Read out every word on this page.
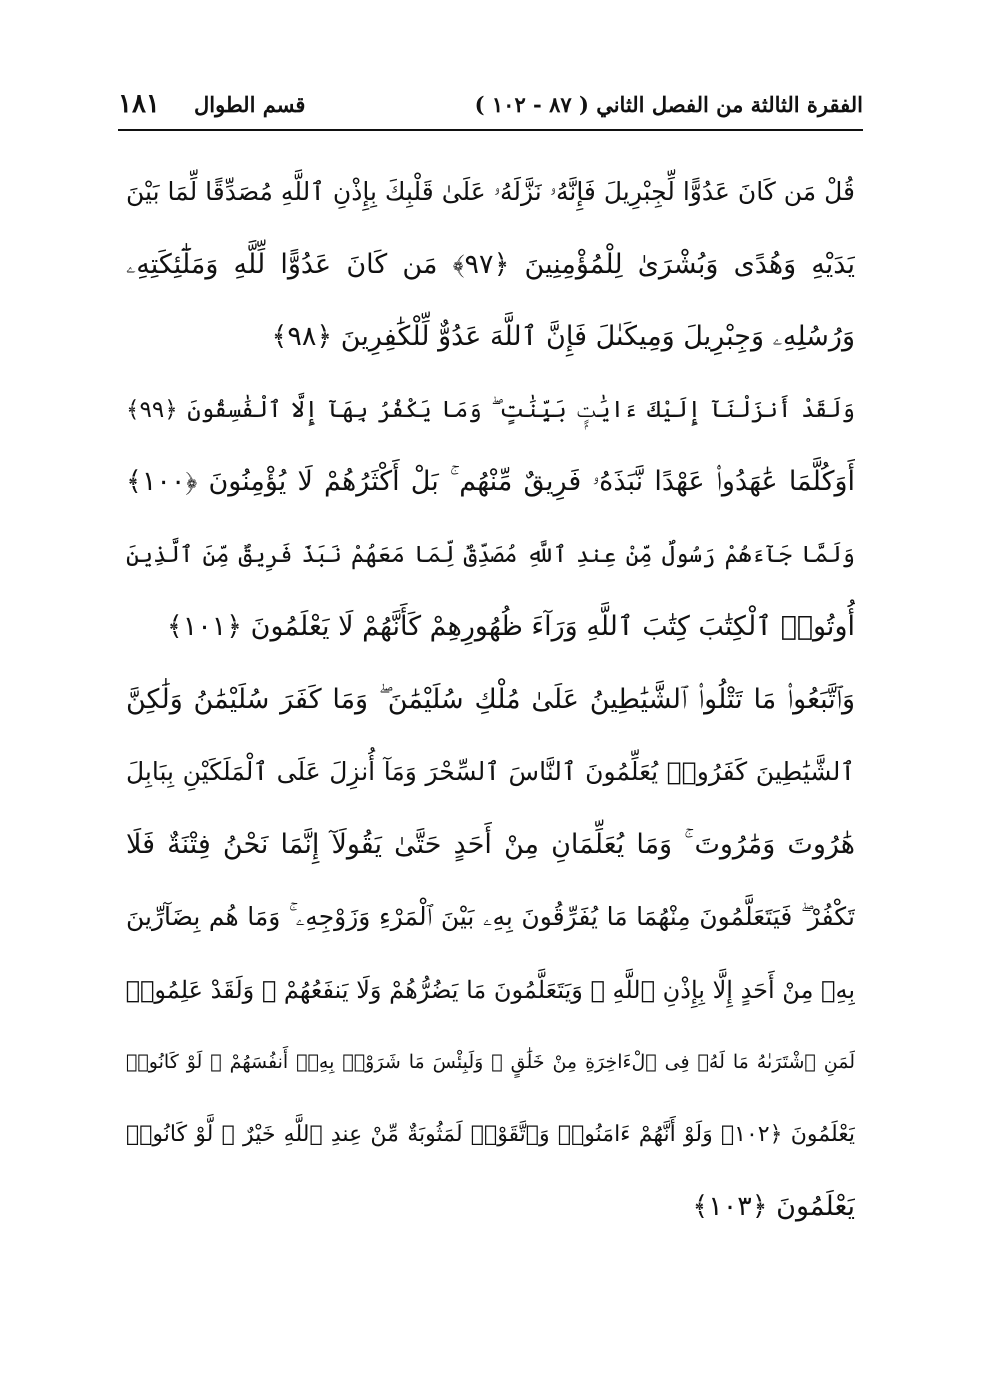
الفقرة الثالثة من الفصل الثاني ( ٨٧ - ١٠٢ )
قسم الطوال
١٨١
قُلْ مَن كَانَ عَدُوًّا لِّجِبْرِيلَ فَإِنَّهُۥ نَزَّلَهُۥ عَلَىٰ قَلْبِكَ بِإِذْنِ ٱللَّهِ مُصَدِّقًا لِّمَا بَيْنَ
يَدَيْهِ وَهُدًى وَبُشْرَىٰ لِلْمُؤْمِنِينَ ﴿٩٧﴾ مَن كَانَ عَدُوًّا لِّلَّهِ وَمَلَٰٓئِكَتِهِۦ
وَرُسُلِهِۦ وَجِبْرِيلَ وَمِيكَىٰلَ فَإِنَّ ٱللَّهَ عَدُوٌّ لِّلْكَٰفِرِينَ ﴿٩٨﴾
وَلَقَدْ أَنزَلْنَآ إِلَيْكَ ءَايَٰتٍۭ بَيِّنَٰتٍ ۖ وَمَا يَكْفُرُ بِهَآ إِلَّا ٱلْفَٰسِقُونَ ﴿٩٩﴾
أَوَكُلَّمَا عَٰهَدُوا۟ عَهْدًا نَّبَذَهُۥ فَرِيقٌ مِّنْهُم ۚ بَلْ أَكْثَرُهُمْ لَا يُؤْمِنُونَ ﴿١٠٠﴾
وَلَمَّا جَآءَهُمْ رَسُولٌ مِّنْ عِندِ ٱللَّهِ مُصَدِّقٌ لِّمَا مَعَهُمْ نَبَذَ فَرِيقٌ مِّنَ ٱلَّذِينَ
أُوتُوا۟ ٱلْكِتَٰبَ كِتَٰبَ ٱللَّهِ وَرَآءَ ظُهُورِهِمْ كَأَنَّهُمْ لَا يَعْلَمُونَ ﴿١٠١﴾
وَٱتَّبَعُوا۟ مَا تَتْلُوا۟ ٱلشَّيَٰطِينُ عَلَىٰ مُلْكِ سُلَيْمَٰنَ ۖ وَمَا كَفَرَ سُلَيْمَٰنُ وَلَٰكِنَّ
ٱلشَّيَٰطِينَ كَفَرُوا۟ يُعَلِّمُونَ ٱلنَّاسَ ٱلسِّحْرَ وَمَآ أُنزِلَ عَلَى ٱلْمَلَكَيْنِ بِبَابِلَ
هَٰرُوتَ وَمَٰرُوتَ ۚ وَمَا يُعَلِّمَانِ مِنْ أَحَدٍ حَتَّىٰ يَقُولَآ إِنَّمَا نَحْنُ فِتْنَةٌ فَلَا
تَكْفُرْ ۖ فَيَتَعَلَّمُونَ مِنْهُمَا مَا يُفَرِّقُونَ بِهِۦ بَيْنَ ٱلْمَرْءِ وَزَوْجِهِۦ ۚ وَمَا هُم بِضَآرِّينَ
بِهِۦ مِنْ أَحَدٍ إِلَّا بِإِذْنِ ٱللَّهِ ۚ وَيَتَعَلَّمُونَ مَا يَضُرُّهُمْ وَلَا يَنفَعُهُمْ ۚ وَلَقَدْ عَلِمُوا۟
لَمَنِ ٱشْتَرَىٰهُ مَا لَهُۥ فِى ٱلْءَاخِرَةِ مِنْ خَلَٰقٍ ۚ وَلَبِئْسَ مَا شَرَوْا۟ بِهِۦٓ أَنفُسَهُمْ ۚ لَوْ كَانُوا۟
يَعْلَمُونَ ﴿١٠٢﴾ وَلَوْ أَنَّهُمْ ءَامَنُوا۟ وَٱتَّقَوْا۟ لَمَثُوبَةٌ مِّنْ عِندِ ٱللَّهِ خَيْرٌ ۖ لَّوْ كَانُوا۟
يَعْلَمُونَ ﴿١٠٣﴾
